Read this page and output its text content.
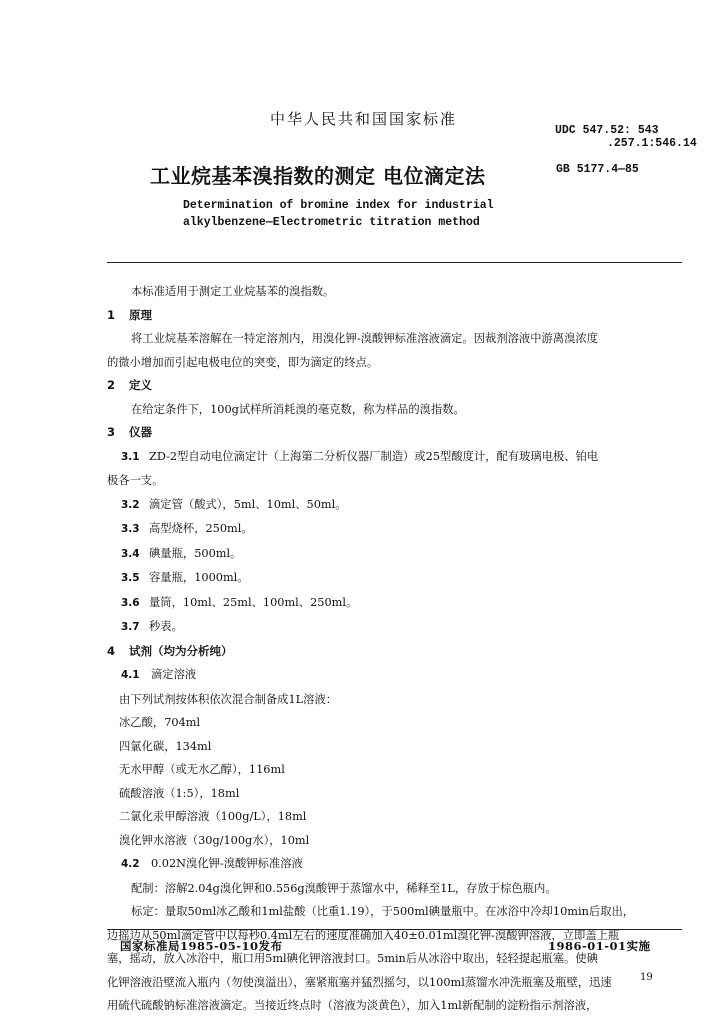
中华人民共和国国家标准
UDC 547.52: 543
.257.1:546.14
工业烷基苯溴指数的测定 电位滴定法	GB 5177.4—85
Determination of bromine index for industrial
alkylbenzene—Electrometric titration method

本标准适用于测定工业烷基苯的溴指数。

1 原理

将工业烷基苯溶解在一特定溶剂内，用溴化钾-溴酸钾标准溶液滴定。因裁剂溶液中游离溴浓度

的微小增加而引起电极电位的突变，即为滴定的终点。

2 定义

在给定条件下，100g试样所消耗溴的毫克数，称为样品的溴指数。

3 仪器

3.1 ZD-2型自动电位滴定计（上海第二分析仪器厂制造）或25型酸度计，配有玻璃电极、铂电

极各一支。

3.2 滴定管（酸式），5ml、10ml、50ml。

3.3 高型烧杯，250ml。

3.4 碘量瓶，500ml。

3.5 容量瓶，1000ml。

3.6 量筒，10ml、25ml、100ml、250ml。

3.7 秒表。

4 试剂（均为分析纯）

4.1 滴定溶液

由下列试剂按体积依次混合制备成1L溶液：

冰乙酸，704ml

四氯化碳，134ml

无水甲醇（或无水乙醇），116ml

硫酸溶液（1:5），18ml

二氯化汞甲醇溶液（100g/L），18ml

溴化钾水溶液（30g/100g水），10ml

4.2 0.02N溴化钾-溴酸钾标准溶液

配制：溶解2.04g溴化钾和0.556g溴酸钾于蒸馏水中，稀释至1L，存放于棕色瓶内。

标定：量取50ml冰乙酸和1ml盐酸（比重1.19），于500ml碘量瓶中。在冰浴中冷却10min后取出，

边摇边从50ml滴定管中以每秒0.4ml左右的速度准确加入40±0.01ml溴化钾-溴酸钾溶液，立即盖上瓶

塞，摇动，放入冰浴中，瓶口用5ml碘化钾溶液封口。5min后从冰浴中取出，轻轻提起瓶塞。使碘

化钾溶液沿壁流入瓶内（勿使溴溢出），塞紧瓶塞并猛烈摇匀，以100ml蒸馏水冲洗瓶塞及瓶壁，迅速

用硫代硫酸钠标准溶液滴定。当接近终点时（溶液为淡黄色），加入1ml新配制的淀粉指示剂溶液，

国家标准局1985-05-10发布	1986-01-01实施
19
